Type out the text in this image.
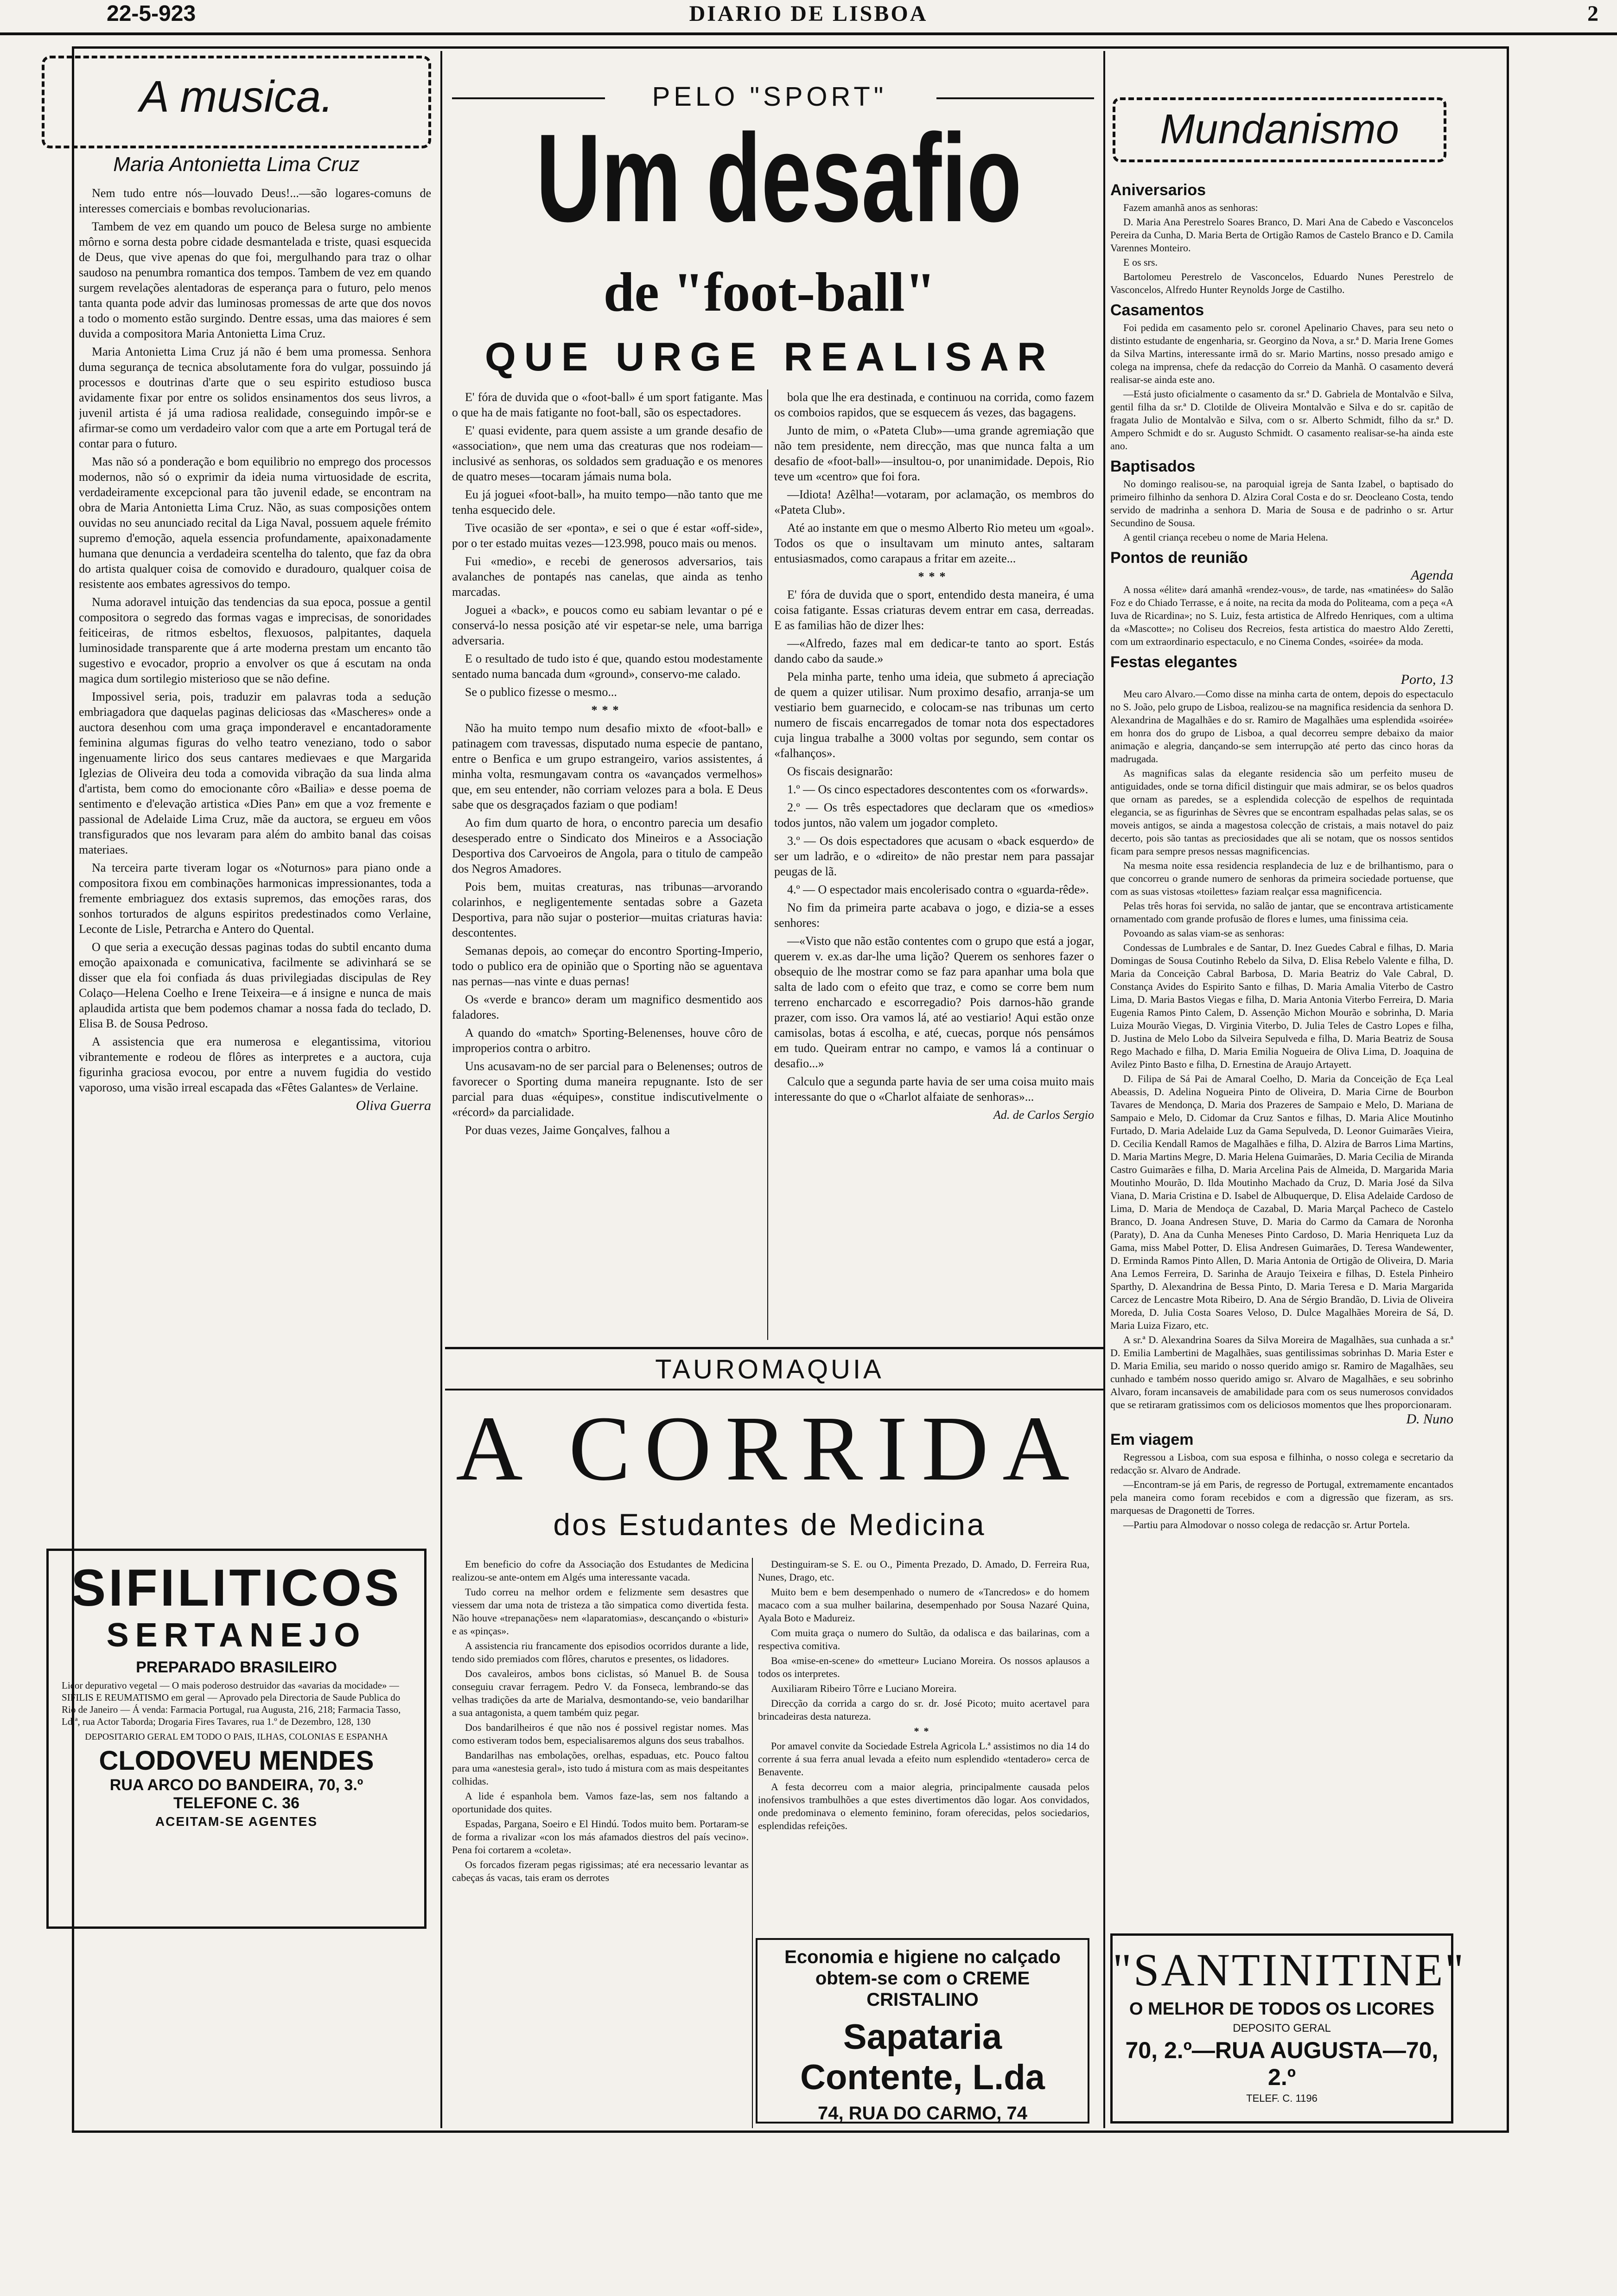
22-5-923	DIARIO DE LISBOA	2
A musica.
Maria Antonietta Lima Cruz

Nem tudo entre nós—louvado Deus!...—são logares-comuns de interesses comerciais e bombas revolucionarias.

Tambem de vez em quando um pouco de Belesa surge no ambiente môrno e sorna desta pobre cidade desmantelada e triste, quasi esquecida de Deus, que vive apenas do que foi, mergulhando para traz o olhar saudoso na penumbra romantica dos tempos. Tambem de vez em quando surgem revelações alentadoras de esperança para o futuro, pelo menos tanta quanta pode advir das luminosas promessas de arte que dos novos a todo o momento estão surgindo. Dentre essas, uma das maiores é sem duvida a compositora Maria Antonietta Lima Cruz.

Maria Antonietta Lima Cruz já não é bem uma promessa. Senhora duma segurança de tecnica absolutamente fora do vulgar, possuindo já processos e doutrinas d'arte que o seu espirito estudioso busca avidamente fixar por entre os solidos ensinamentos dos seus livros, a juvenil artista é já uma radiosa realidade, conseguindo impôr-se e afirmar-se como um verdadeiro valor com que a arte em Portugal terá de contar para o futuro.

Mas não só a ponderação e bom equilibrio no emprego dos processos modernos, não só o exprimir da ideia numa virtuosidade de escrita, verdadeiramente excepcional para tão juvenil edade, se encontram na obra de Maria Antonietta Lima Cruz. Não, as suas composições ontem ouvidas no seu anunciado recital da Liga Naval, possuem aquele frémito supremo d'emoção, aquela essencia profundamente, apaixonadamente humana que denuncia a verdadeira scentelha do talento, que faz da obra do artista qualquer coisa de comovido e duradouro, qualquer coisa de resistente aos embates agressivos do tempo.

Numa adoravel intuição das tendencias da sua epoca, possue a gentil compositora o segredo das formas vagas e imprecisas, de sonoridades feiticeiras, de ritmos esbeltos, flexuosos, palpitantes, daquela luminosidade transparente que á arte moderna prestam um encanto tão sugestivo e evocador, proprio a envolver os que á escutam na onda magica dum sortilegio misterioso que se não define.

Impossivel seria, pois, traduzir em palavras toda a sedução embriagadora que daquelas paginas deliciosas das «Mascheres» onde a auctora desenhou com uma graça imponderavel e encantadoramente feminina algumas figuras do velho teatro veneziano, todo o sabor ingenuamente lirico dos seus cantares medievaes e que Margarida Iglezias de Oliveira deu toda a comovida vibração da sua linda alma d'artista, bem como do emocionante côro «Bailia» e desse poema de sentimento e d'elevação artistica «Dies Pan» em que a voz fremente e passional de Adelaide Lima Cruz, mãe da auctora, se ergueu em vôos transfigurados que nos levaram para além do ambito banal das coisas materiaes.

Na terceira parte tiveram logar os «Noturnos» para piano onde a compositora fixou em combinações harmonicas impressionantes, toda a fremente embriaguez dos extasis supremos, das emoções raras, dos sonhos torturados de alguns espiritos predestinados como Verlaine, Leconte de Lisle, Petrarcha e Antero do Quental.

O que seria a execução dessas paginas todas do subtil encanto duma emoção apaixonada e comunicativa, facilmente se adivinhará se se disser que ela foi confiada ás duas privilegiadas discipulas de Rey Colaço—Helena Coelho e Irene Teixeira—e á insigne e nunca de mais aplaudida artista que bem podemos chamar a nossa fada do teclado, D. Elisa B. de Sousa Pedroso.

A assistencia que era numerosa e elegantissima, vitoriou vibrantemente e rodeou de flôres as interpretes e a auctora, cuja figurinha graciosa evocou, por entre a nuvem fugidia do vestido vaporoso, uma visão irreal escapada das «Fêtes Galantes» de Verlaine.

Oliva Guerra

SIFILITICOS
SERTANEJO
PREPARADO BRASILEIRO
Licor depurativo vegetal — O mais poderoso destruidor das «avarias da mocidade» — SIFILIS E REUMATISMO em geral — Aprovado pela Directoria de Saude Publica do Rio de Janeiro — Á venda: Farmacia Portugal, rua Augusta, 216, 218; Farmacia Tasso, Ld.ª, rua Actor Taborda; Drogaria Fires Tavares, rua 1.º de Dezembro, 128, 130
DEPOSITARIO GERAL EM TODO O PAIS, ILHAS, COLONIAS E ESPANHA
CLODOVEU MENDES
RUA ARCO DO BANDEIRA, 70, 3.º
TELEFONE C. 36
ACEITAM-SE AGENTES
PELO "SPORT"
Um desafio
de "foot-ball"
QUE URGE REALISAR

E' fóra de duvida que o «foot-ball» é um sport fatigante. Mas o que ha de mais fatigante no foot-ball, são os espectadores.

E' quasi evidente, para quem assiste a um grande desafio de «association», que nem uma das creaturas que nos rodeiam—inclusivé as senhoras, os soldados sem graduação e os menores de quatro meses—tocaram jámais numa bola.

Eu já joguei «foot-ball», ha muito tempo—não tanto que me tenha esquecido dele.

Tive ocasião de ser «ponta», e sei o que é estar «off-side», por o ter estado muitas vezes—123.998, pouco mais ou menos.

Fui «medio», e recebi de generosos adversarios, tais avalanches de pontapés nas canelas, que ainda as tenho marcadas.

Joguei a «back», e poucos como eu sabiam levantar o pé e conservá-lo nessa posição até vir espetar-se nele, uma barriga adversaria.

E o resultado de tudo isto é que, quando estou modestamente sentado numa bancada dum «ground», conservo-me calado.

Se o publico fizesse o mesmo...

***

Não ha muito tempo num desafio mixto de «foot-ball» e patinagem com travessas, disputado numa especie de pantano, entre o Benfica e um grupo estrangeiro, varios assistentes, á minha volta, resmungavam contra os «avançados vermelhos» que, em seu entender, não corriam velozes para a bola. E Deus sabe que os desgraçados faziam o que podiam!

Ao fim dum quarto de hora, o encontro parecia um desafio desesperado entre o Sindicato dos Mineiros e a Associação Desportiva dos Carvoeiros de Angola, para o titulo de campeão dos Negros Amadores.

Pois bem, muitas creaturas, nas tribunas—arvorando colarinhos, e negligentemente sentadas sobre a Gazeta Desportiva, para não sujar o posterior—muitas criaturas havia: descontentes.

Semanas depois, ao começar do encontro Sporting-Imperio, todo o publico era de opinião que o Sporting não se aguentava nas pernas—nas vinte e duas pernas!

Os «verde e branco» deram um magnifico desmentido aos faladores.

A quando do «match» Sporting-Belenenses, houve côro de improperios contra o arbitro.

Uns acusavam-no de ser parcial para o Belenenses; outros de favorecer o Sporting duma maneira repugnante. Isto de ser parcial para duas «équipes», constitue indiscutivelmente o «récord» da parcialidade.

Por duas vezes, Jaime Gonçalves, falhou a

bola que lhe era destinada, e continuou na corrida, como fazem os comboios rapidos, que se esquecem ás vezes, das bagagens.

Junto de mim, o «Pateta Club»—uma grande agremiação que não tem presidente, nem direcção, mas que nunca falta a um desafio de «foot-ball»—insultou-o, por unanimidade. Depois, Rio teve um «centro» que foi fora.

—Idiota! Azêlha!—votaram, por aclamação, os membros do «Pateta Club».

Até ao instante em que o mesmo Alberto Rio meteu um «goal». Todos os que o insultavam um minuto antes, saltaram entusiasmados, como carapaus a fritar em azeite...

***

E' fóra de duvida que o sport, entendido desta maneira, é uma coisa fatigante. Essas criaturas devem entrar em casa, derreadas. E as familias hão de dizer lhes:

—«Alfredo, fazes mal em dedicar-te tanto ao sport. Estás dando cabo da saude.»

Pela minha parte, tenho uma ideia, que submeto á apreciação de quem a quizer utilisar. Num proximo desafio, arranja-se um vestiario bem guarnecido, e colocam-se nas tribunas um certo numero de fiscais encarregados de tomar nota dos espectadores cuja lingua trabalhe a 3000 voltas por segundo, sem contar os «falhanços».

Os fiscais designarão:

1.º — Os cinco espectadores descontentes com os «forwards».

2.º — Os três espectadores que declaram que os «medios» todos juntos, não valem um jogador completo.

3.º — Os dois espectadores que acusam o «back esquerdo» de ser um ladrão, e o «direito» de não prestar nem para passajar peugas de lã.

4.º — O espectador mais encolerisado contra o «guarda-rêde».

No fim da primeira parte acabava o jogo, e dizia-se a esses senhores:

—«Visto que não estão contentes com o grupo que está a jogar, querem v. ex.as dar-lhe uma lição? Querem os senhores fazer o obsequio de lhe mostrar como se faz para apanhar uma bola que salta de lado com o efeito que traz, e como se corre bem num terreno encharcado e escorregadio? Pois darnos-hão grande prazer, com isso. Ora vamos lá, até ao vestiario! Aqui estão onze camisolas, botas á escolha, e até, cuecas, porque nós pensámos em tudo. Queiram entrar no campo, e vamos lá a continuar o desafio...»

Calculo que a segunda parte havia de ser uma coisa muito mais interessante do que o «Charlot alfaiate de senhoras»...

Ad. de Carlos Sergio

TAUROMAQUIA
A CORRIDA
dos Estudantes de Medicina

Em beneficio do cofre da Associação dos Estudantes de Medicina realizou-se ante-ontem em Algés uma interessante vacada.

Tudo correu na melhor ordem e felizmente sem desastres que viessem dar uma nota de tristeza a tão simpatica como divertida festa. Não houve «trepanações» nem «laparatomias», descançando o «bisturi» e as «pinças».

A assistencia riu francamente dos episodios ocorridos durante a lide, tendo sido premiados com flôres, charutos e presentes, os lidadores.

Dos cavaleiros, ambos bons ciclistas, só Manuel B. de Sousa conseguiu cravar ferragem. Pedro V. da Fonseca, lembrando-se das velhas tradições da arte de Marialva, desmontando-se, veio bandarilhar a sua antagonista, a quem também quiz pegar.

Dos bandarilheiros é que não nos é possivel registar nomes. Mas como estiveram todos bem, especialisaremos alguns dos seus trabalhos.

Bandarilhas nas embolações, orelhas, espaduas, etc. Pouco faltou para uma «anestesia geral», isto tudo á mistura com as mais despeitantes colhidas.

A lide é espanhola bem. Vamos faze-las, sem nos faltando a oportunidade dos quites.

Espadas, Pargana, Soeiro e El Hindú. Todos muito bem. Portaram-se de forma a rivalizar «con los más afamados diestros del país vecino». Pena foi cortarem a «coleta».

Os forcados fizeram pegas rigissimas; até era necessario levantar as cabeças ás vacas, tais eram os derrotes

Destinguiram-se S. E. ou O., Pimenta Prezado, D. Amado, D. Ferreira Rua, Nunes, Drago, etc.

Muito bem e bem desempenhado o numero de «Tancredos» e do homem macaco com a sua mulher bailarina, desempenhado por Sousa Nazaré Quina, Ayala Boto e Madureiz.

Com muita graça o numero do Sultão, da odalisca e das bailarinas, com a respectiva comitiva.

Boa «mise-en-scene» do «metteur» Luciano Moreira. Os nossos aplausos a todos os interpretes.

Auxiliaram Ribeiro Tôrre e Luciano Moreira.

Direcção da corrida a cargo do sr. dr. José Picoto; muito acertavel para brincadeiras desta natureza.

**

Por amavel convite da Sociedade Estrela Agricola L.ª assistimos no dia 14 do corrente á sua ferra anual levada a efeito num esplendido «tentadero» cerca de Benavente.

A festa decorreu com a maior alegria, principalmente causada pelos inofensivos trambulhões a que estes divertimentos dão logar. Aos convidados, onde predominava o elemento feminino, foram oferecidas, pelos sociedarios, esplendidas refeições.

Economia e higiene no calçado obtem-se com o CREME CRISTALINO
Sapataria Contente, L.da
74, RUA DO CARMO, 74
Mundanismo

Aniversarios

Fazem amanhã anos as senhoras:

D. Maria Ana Perestrelo Soares Branco, D. Mari Ana de Cabedo e Vasconcelos Pereira da Cunha, D. Maria Berta de Ortigão Ramos de Castelo Branco e D. Camila Varennes Monteiro.

E os srs.

Bartolomeu Perestrelo de Vasconcelos, Eduardo Nunes Perestrelo de Vasconcelos, Alfredo Hunter Reynolds Jorge de Castilho.

Casamentos

Foi pedida em casamento pelo sr. coronel Apelinario Chaves, para seu neto o distinto estudante de engenharia, sr. Georgino da Nova, a sr.ª D. Maria Irene Gomes da Silva Martins, interessante irmã do sr. Mario Martins, nosso presado amigo e colega na imprensa, chefe da redacção do Correio da Manhã. O casamento deverá realisar-se ainda este ano.

—Está justo oficialmente o casamento da sr.ª D. Gabriela de Montalvão e Silva, gentil filha da sr.ª D. Clotilde de Oliveira Montalvão e Silva e do sr. capitão de fragata Julio de Montalvão e Silva, com o sr. Alberto Schmidt, filho da sr.ª D. Ampero Schmidt e do sr. Augusto Schmidt. O casamento realisar-se-ha ainda este ano.

Baptisados

No domingo realisou-se, na paroquial igreja de Santa Izabel, o baptisado do primeiro filhinho da senhora D. Alzira Coral Costa e do sr. Deocleano Costa, tendo servido de madrinha a senhora D. Maria de Sousa e de padrinho o sr. Artur Secundino de Sousa.

A gentil criança recebeu o nome de Maria Helena.

Pontos de reunião

Agenda

A nossa «élite» dará amanhã «rendez-vous», de tarde, nas «matinées» do Salão Foz e do Chiado Terrasse, e á noite, na recita da moda do Politeama, com a peça «A Iuva de Ricardina»; no S. Luiz, festa artistica de Alfredo Henriques, com a ultima da «Mascotte»; no Coliseu dos Recreios, festa artistica do maestro Aldo Zeretti, com um extraordinario espectaculo, e no Cinema Condes, «soirée» da moda.

Festas elegantes

Porto, 13

Meu caro Alvaro.—Como disse na minha carta de ontem, depois do espectaculo no S. João, pelo grupo de Lisboa, realizou-se na magnifica residencia da senhora D. Alexandrina de Magalhães e do sr. Ramiro de Magalhães uma esplendida «soirée» em honra dos do grupo de Lisboa, a qual decorreu sempre debaixo da maior animação e alegria, dançando-se sem interrupção até perto das cinco horas da madrugada.

As magnificas salas da elegante residencia são um perfeito museu de antiguidades, onde se torna dificil distinguir que mais admirar, se os belos quadros que ornam as paredes, se a esplendida colecção de espelhos de requintada elegancia, se as figurinhas de Sèvres que se encontram espalhadas pelas salas, se os moveis antigos, se ainda a magestosa colecção de cristais, a mais notavel do paiz decerto, pois são tantas as preciosidades que ali se notam, que os nossos sentidos ficam para sempre presos nessas magnificencias.

Na mesma noite essa residencia resplandecia de luz e de brilhantismo, para o que concorreu o grande numero de senhoras da primeira sociedade portuense, que com as suas vistosas «toilettes» faziam realçar essa magnificencia.

Pelas três horas foi servida, no salão de jantar, que se encontrava artisticamente ornamentado com grande profusão de flores e lumes, uma finissima ceia.

Povoando as salas viam-se as senhoras:

Condessas de Lumbrales e de Santar, D. Inez Guedes Cabral e filhas, D. Maria Domingas de Sousa Coutinho Rebelo da Silva, D. Elisa Rebelo Valente e filha, D. Maria da Conceição Cabral Barbosa, D. Maria Beatriz do Vale Cabral, D. Constança Avides do Espirito Santo e filhas, D. Maria Amalia Viterbo de Castro Lima, D. Maria Bastos Viegas e filha, D. Maria Antonia Viterbo Ferreira, D. Maria Eugenia Ramos Pinto Calem, D. Assenção Michon Mourão e sobrinha, D. Maria Luiza Mourão Viegas, D. Virginia Viterbo, D. Julia Teles de Castro Lopes e filha, D. Justina de Melo Lobo da Silveira Sepulveda e filha, D. Maria Beatriz de Sousa Rego Machado e filha, D. Maria Emilia Nogueira de Oliva Lima, D. Joaquina de Avilez Pinto Basto e filha, D. Ernestina de Araujo Artayett.

D. Filipa de Sá Pai de Amaral Coelho, D. Maria da Conceição de Eça Leal Abeassis, D. Adelina Nogueira Pinto de Oliveira, D. Maria Cirne de Bourbon Tavares de Mendonça, D. Maria dos Prazeres de Sampaio e Melo, D. Mariana de Sampaio e Melo, D. Cidomar da Cruz Santos e filhas, D. Maria Alice Moutinho Furtado, D. Maria Adelaide Luz da Gama Sepulveda, D. Leonor Guimarães Vieira, D. Cecilia Kendall Ramos de Magalhães e filha, D. Alzira de Barros Lima Martins, D. Maria Martins Megre, D. Maria Helena Guimarães, D. Maria Cecilia de Miranda Castro Guimarães e filha, D. Maria Arcelina Pais de Almeida, D. Margarida Maria Moutinho Mourão, D. Ilda Moutinho Machado da Cruz, D. Maria José da Silva Viana, D. Maria Cristina e D. Isabel de Albuquerque, D. Elisa Adelaide Cardoso de Lima, D. Maria de Mendoça de Cazabal, D. Maria Marçal Pacheco de Castelo Branco, D. Joana Andresen Stuve, D. Maria do Carmo da Camara de Noronha (Paraty), D. Ana da Cunha Meneses Pinto Cardoso, D. Maria Henriqueta Luz da Gama, miss Mabel Potter, D. Elisa Andresen Guimarães, D. Teresa Wandewenter, D. Erminda Ramos Pinto Allen, D. Maria Antonia de Ortigão de Oliveira, D. Maria Ana Lemos Ferreira, D. Sarinha de Araujo Teixeira e filhas, D. Estela Pinheiro Sparthy, D. Alexandrina de Bessa Pinto, D. Maria Teresa e D. Maria Margarida Carcez de Lencastre Mota Ribeiro, D. Ana de Sérgio Brandão, D. Livia de Oliveira Moreda, D. Julia Costa Soares Veloso, D. Dulce Magalhães Moreira de Sá, D. Maria Luiza Fizaro, etc.

A sr.ª D. Alexandrina Soares da Silva Moreira de Magalhães, sua cunhada a sr.ª D. Emilia Lambertini de Magalhães, suas gentilissimas sobrinhas D. Maria Ester e D. Maria Emilia, seu marido o nosso querido amigo sr. Ramiro de Magalhães, seu cunhado e também nosso querido amigo sr. Alvaro de Magalhães, e seu sobrinho Alvaro, foram incansaveis de amabilidade para com os seus numerosos convidados que se retiraram gratissimos com os deliciosos momentos que lhes proporcionaram.

D. Nuno

Em viagem

Regressou a Lisboa, com sua esposa e filhinha, o nosso colega e secretario da redacção sr. Alvaro de Andrade.

—Encontram-se já em Paris, de regresso de Portugal, extremamente encantados pela maneira como foram recebidos e com a digressão que fizeram, as srs. marquesas de Dragonetti de Torres.

—Partiu para Almodovar o nosso colega de redacção sr. Artur Portela.

"SANTINITINE"
O MELHOR DE TODOS OS LICORES
DEPOSITO GERAL
70, 2.º—RUA AUGUSTA—70, 2.º
TELEF. C. 1196
